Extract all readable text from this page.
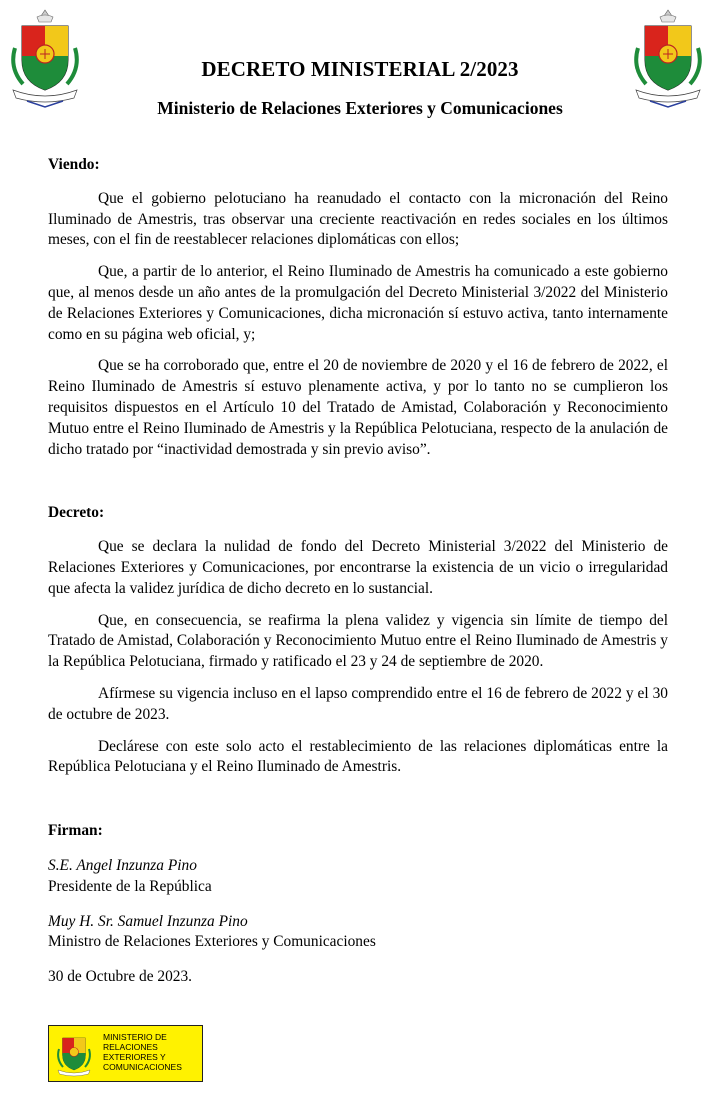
DECRETO MINISTERIAL 2/2023
Ministerio de Relaciones Exteriores y Comunicaciones

Viendo:

Que el gobierno pelotuciano ha reanudado el contacto con la micronación del Reino Iluminado de Amestris, tras observar una creciente reactivación en redes sociales en los últimos meses, con el fin de reestablecer relaciones diplomáticas con ellos;

Que, a partir de lo anterior, el Reino Iluminado de Amestris ha comunicado a este gobierno que, al menos desde un año antes de la promulgación del Decreto Ministerial 3/2022 del Ministerio de Relaciones Exteriores y Comunicaciones, dicha micronación sí estuvo activa, tanto internamente como en su página web oficial, y;

Que se ha corroborado que, entre el 20 de noviembre de 2020 y el 16 de febrero de 2022, el Reino Iluminado de Amestris sí estuvo plenamente activa, y por lo tanto no se cumplieron los requisitos dispuestos en el Artículo 10 del Tratado de Amistad, Colaboración y Reconocimiento Mutuo entre el Reino Iluminado de Amestris y la República Pelotuciana, respecto de la anulación de dicho tratado por “inactividad demostrada y sin previo aviso”.

Decreto:

Que se declara la nulidad de fondo del Decreto Ministerial 3/2022 del Ministerio de Relaciones Exteriores y Comunicaciones, por encontrarse la existencia de un vicio o irregularidad que afecta la validez jurídica de dicho decreto en lo sustancial.

Que, en consecuencia, se reafirma la plena validez y vigencia sin límite de tiempo del Tratado de Amistad, Colaboración y Reconocimiento Mutuo entre el Reino Iluminado de Amestris y la República Pelotuciana, firmado y ratificado el 23 y 24 de septiembre de 2020.

Afírmese su vigencia incluso en el lapso comprendido entre el 16 de febrero de 2022 y el 30 de octubre de 2023.

Declárese con este solo acto el restablecimiento de las relaciones diplomáticas entre la República Pelotuciana y el Reino Iluminado de Amestris.

Firman:

S.E. Angel Inzunza Pino

Presidente de la República

Muy H. Sr. Samuel Inzunza Pino

Ministro de Relaciones Exteriores y Comunicaciones

30 de Octubre de 2023.

MINISTERIO DE
RELACIONES
EXTERIORES Y
COMUNICACIONES
